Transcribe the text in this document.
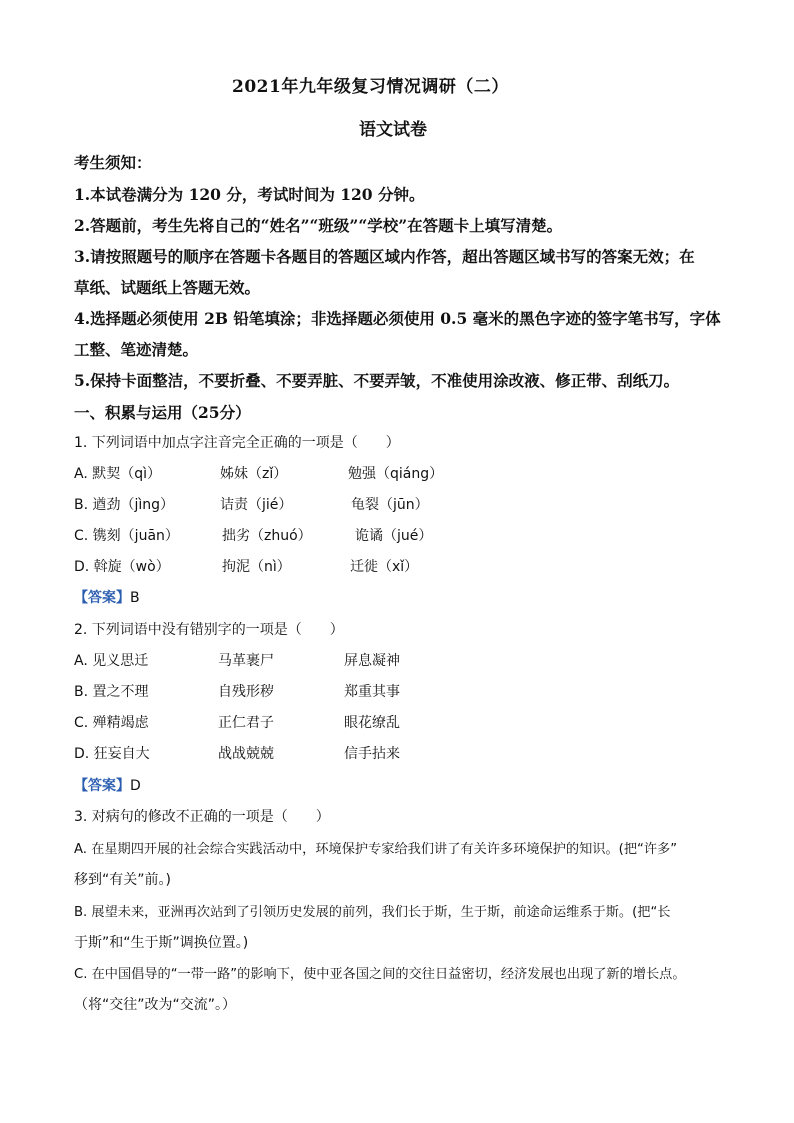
2021年九年级复习情况调研（二）
语文试卷
考生须知：
1.本试卷满分为 120 分，考试时间为 120 分钟。
2.答题前，考生先将自己的“姓名”“班级”“学校”在答题卡上填写清楚。
3.请按照题号的顺序在答题卡各题目的答题区域内作答，超出答题区域书写的答案无效；在
草纸、试题纸上答题无效。
4.选择题必须使用 2B 铅笔填涂；非选择题必须使用 0.5 毫米的黑色字迹的签字笔书写，字体
工整、笔迹清楚。
5.保持卡面整洁，不要折叠、不要弄脏、不要弄皱，不准使用涂改液、修正带、刮纸刀。
一、积累与运用（25分）
1. 下列词语中加点字注音完全正确的一项是（　　）
A. 默契（qì）	姊妹（zǐ）	勉强（qiáng）
B. 遒劲（jìng）	诘责（jié）	龟裂（jūn）
C. 镌刻（juān）	拙劣（zhuó）	诡谲（jué）
D. 斡旋（wò）	拘泥（nì）	迁徙（xǐ）
【答案】B
2. 下列词语中没有错别字的一项是（　　）
A. 见义思迁	马革裹尸	屏息凝神
B. 置之不理	自残形秽	郑重其事
C. 殚精竭虑	正仁君子	眼花缭乱
D. 狂妄自大	战战兢兢	信手拈来
【答案】D
3. 对病句的修改不正确的一项是（　　）
A. 在星期四开展的社会综合实践活动中，环境保护专家给我们讲了有关许多环境保护的知识。(把“许多”
移到“有关”前。)
B. 展望未来，亚洲再次站到了引领历史发展的前列，我们长于斯，生于斯，前途命运维系于斯。(把“长
于斯”和“生于斯”调换位置。)
C. 在中国倡导的“一带一路”的影响下，使中亚各国之间的交往日益密切，经济发展也出现了新的增长点。
（将“交往”改为“交流”。）
